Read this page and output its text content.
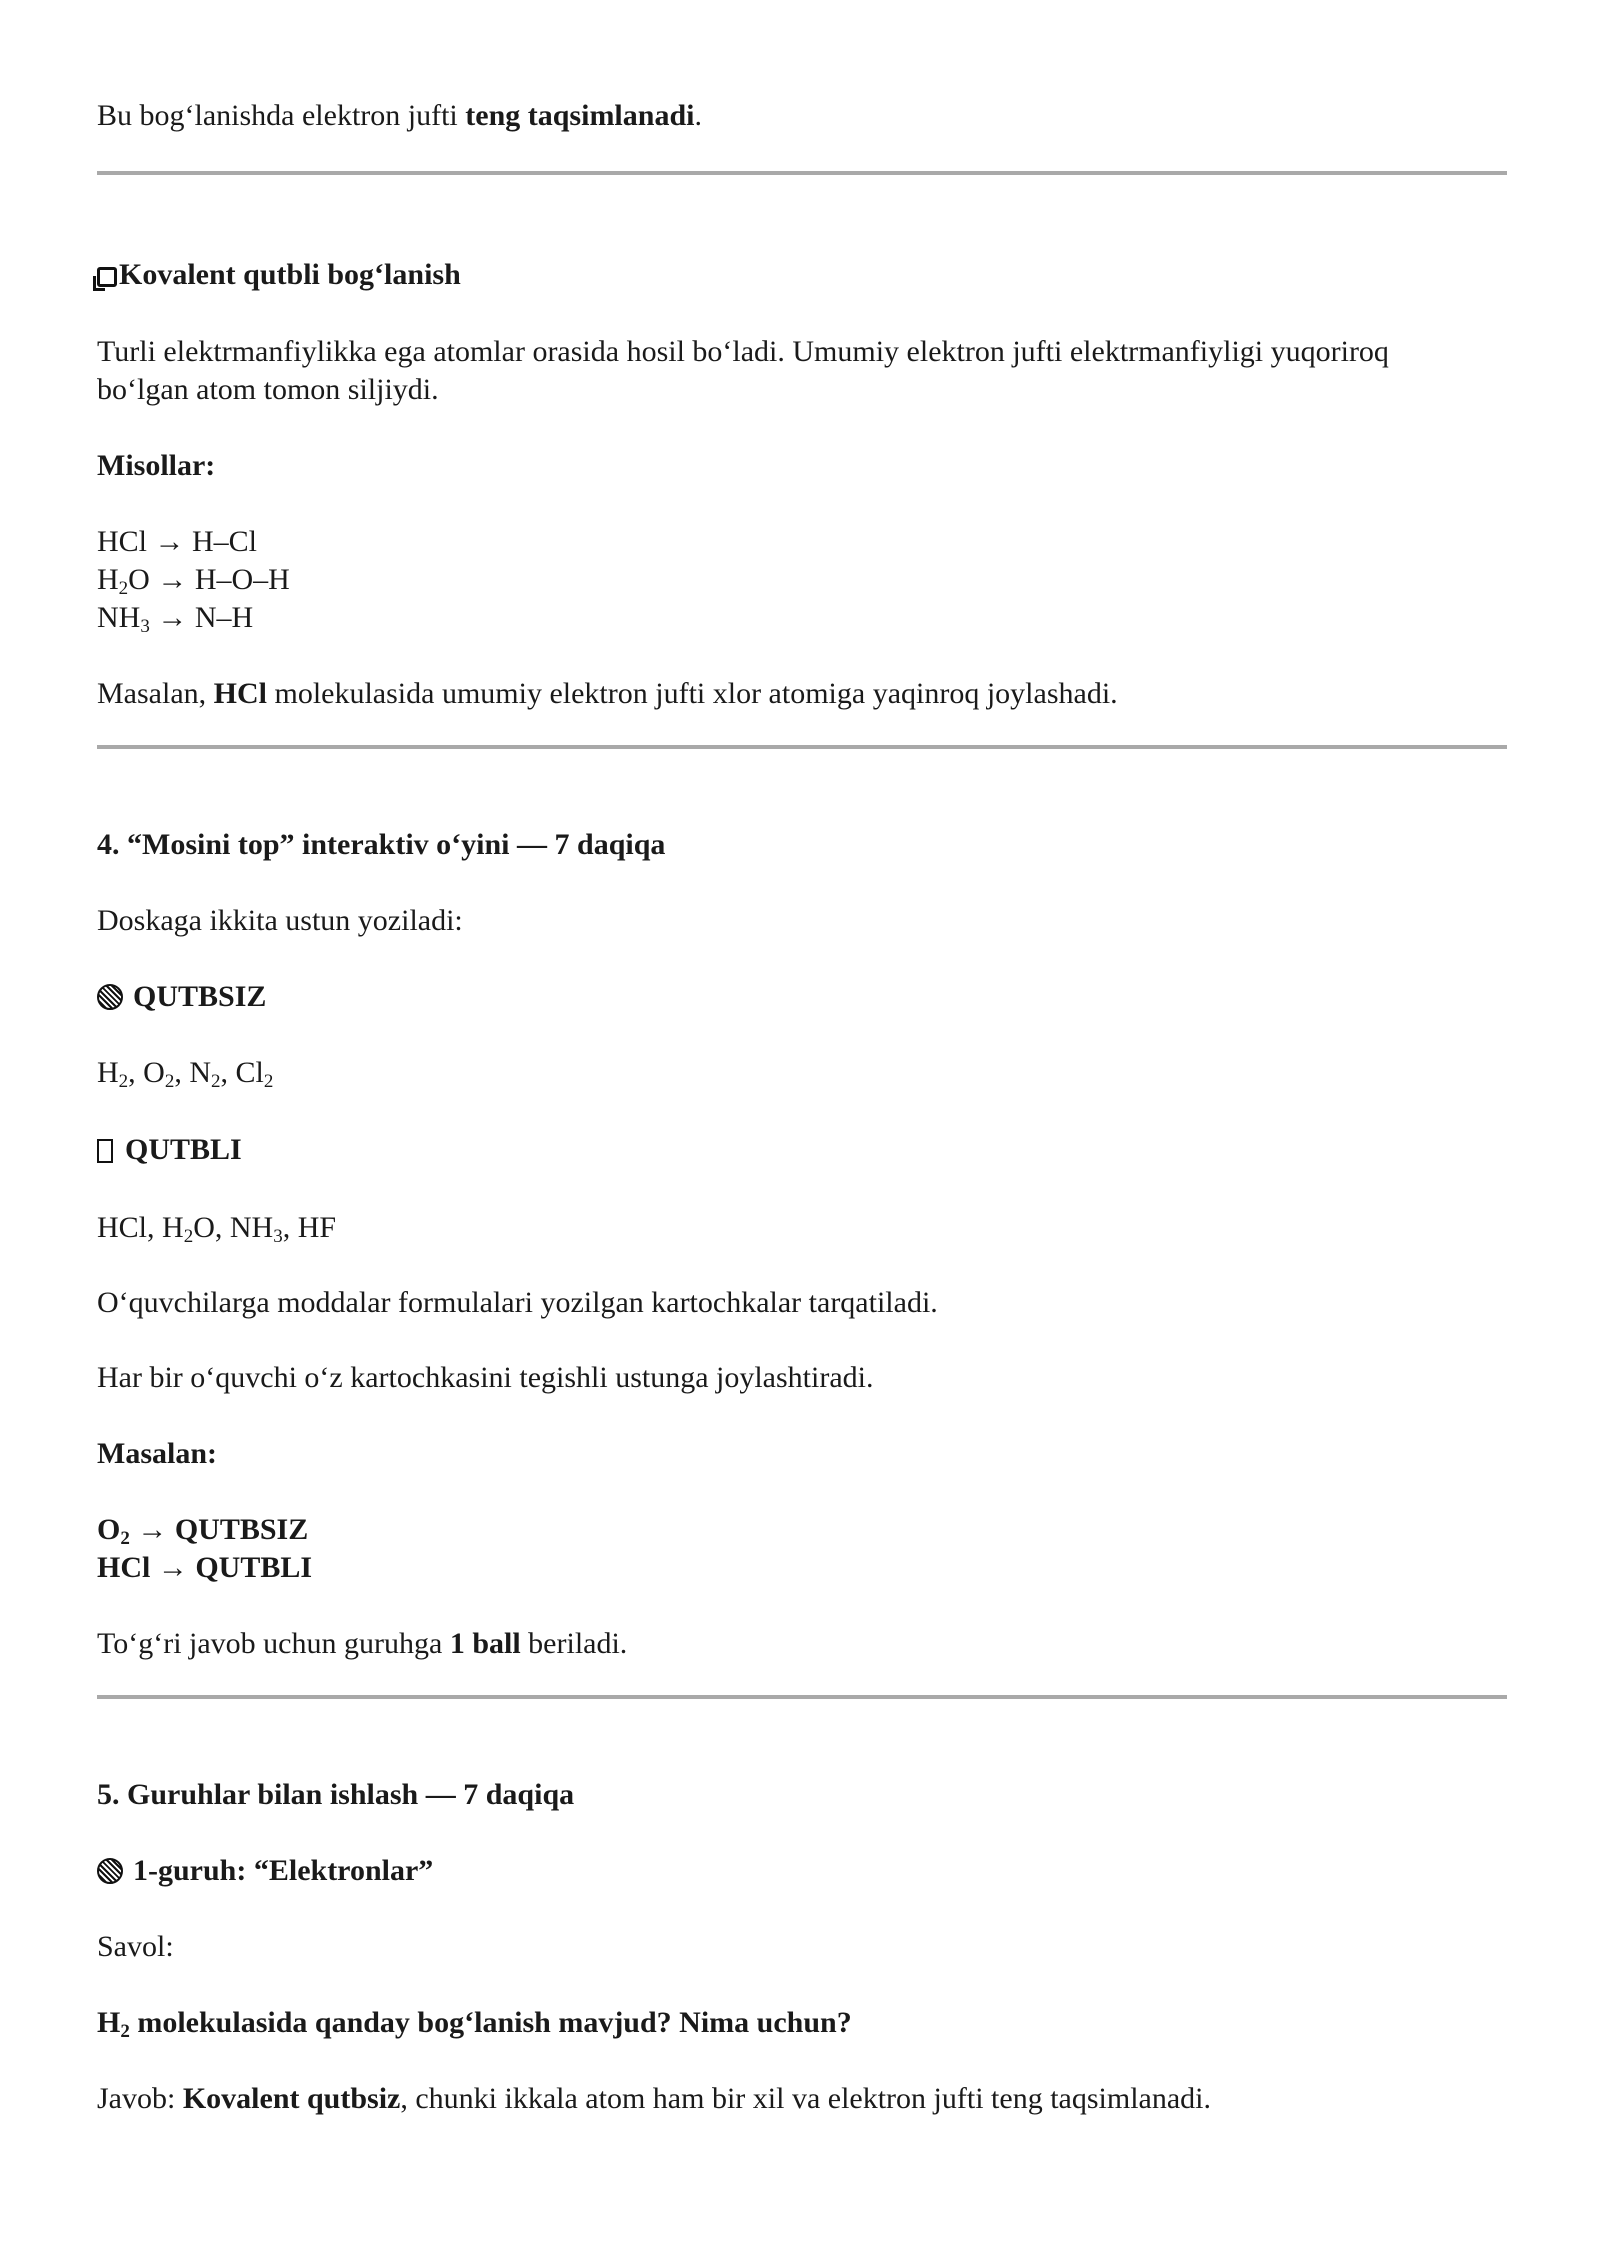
Bu bog‘lanishda elektron jufti teng taqsimlanadi.
Kovalent qutbli bog‘lanish
Turli elektrmanfiylikka ega atomlar orasida hosil bo‘ladi. Umumiy elektron jufti elektrmanfiyligi yuqoriroq
bo‘lgan atom tomon siljiydi.
Misollar:
HCl → H–Cl
$H_2O \to H-O-H$
$NH_3 \to N-H$
Masalan, HCl molekulasida umumiy elektron jufti xlor atomiga yaqinroq joylashadi.
4. “Mosini top” interaktiv o‘yini — 7 daqiqa
Doskaga ikkita ustun yoziladi:
QUTBSIZ
$H_2$, $O_2$, $N_2$, $Cl_2$
QUTBLI
HCl, $H_2O$, $NH_3$, HF
O‘quvchilarga moddalar formulalari yozilgan kartochkalar tarqatiladi.
Har bir o‘quvchi o‘z kartochkasini tegishli ustunga joylashtiradi.
Masalan:
$O_2$ → QUTBSIZ
HCl → QUTBLI
To‘g‘ri javob uchun guruhga 1 ball beriladi.
5. Guruhlar bilan ishlash — 7 daqiqa
1-guruh: “Elektronlar”
Savol:
$H_2$ molekulasida qanday bog‘lanish mavjud? Nima uchun?
Javob: Kovalent qutbsiz, chunki ikkala atom ham bir xil va elektron jufti teng taqsimlanadi.
